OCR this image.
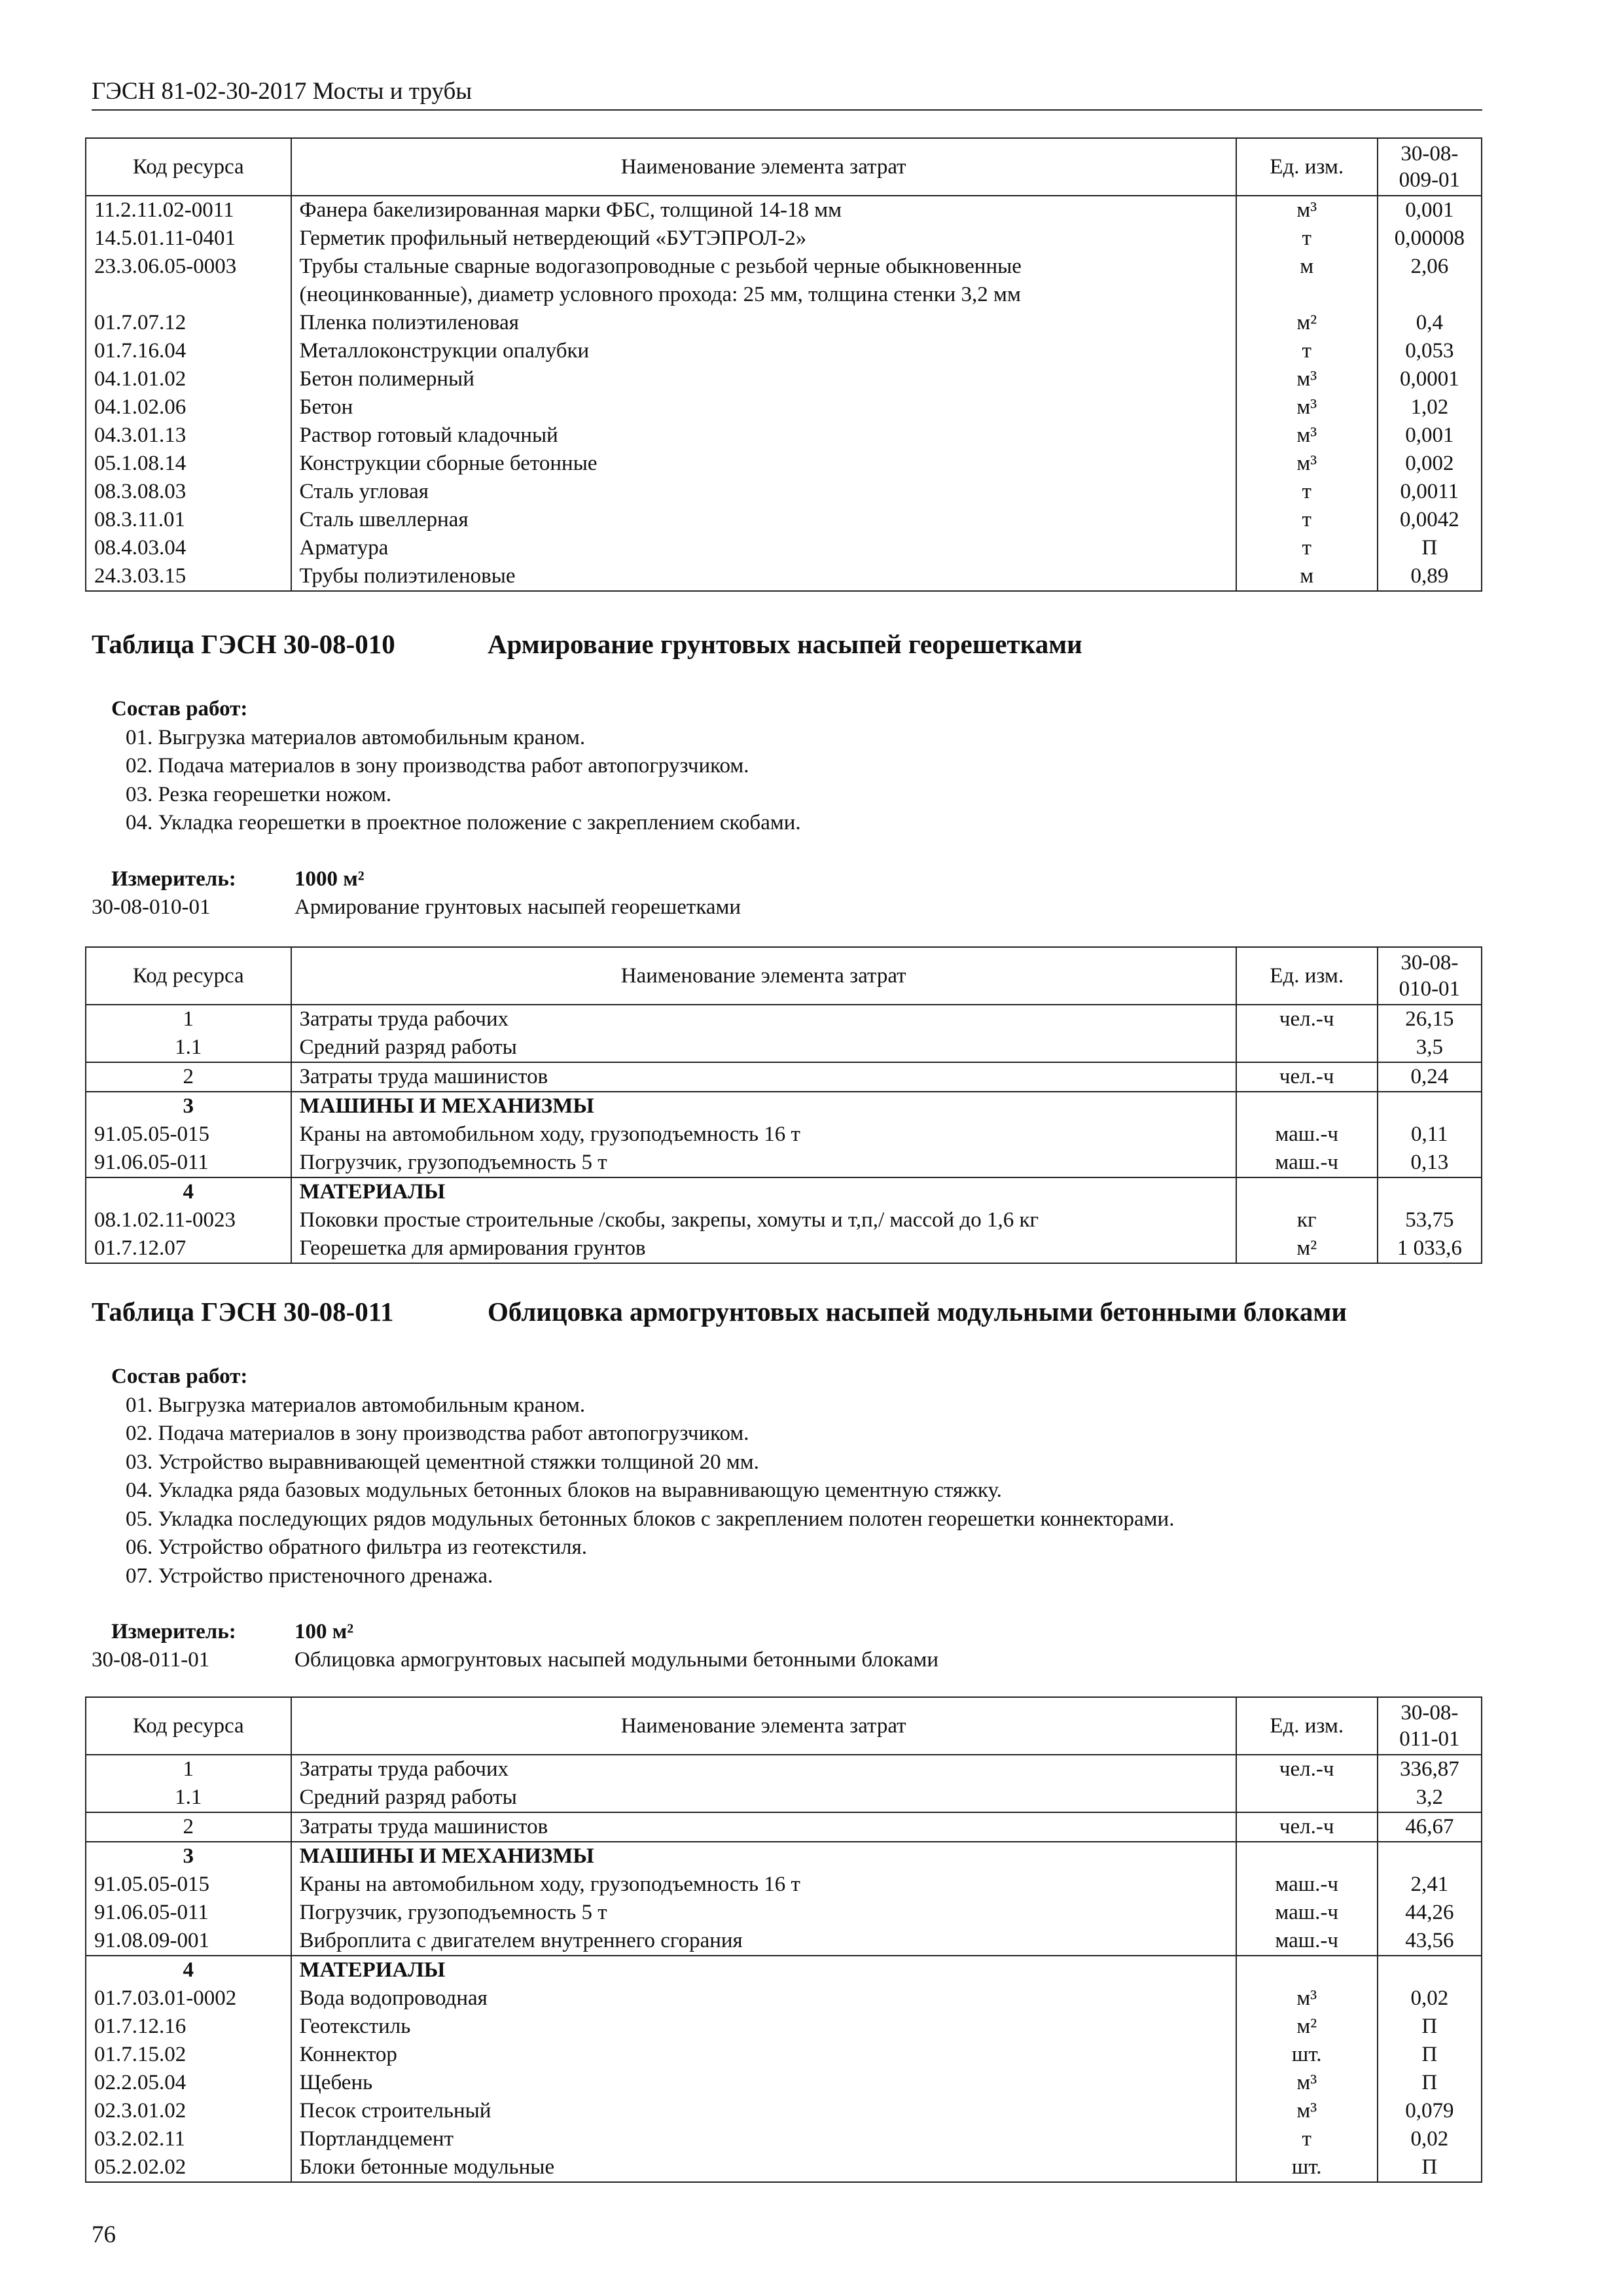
ГЭСН 81-02-30-2017 Мосты и трубы
Код ресурса	Наименование элемента затрат	Ед. изм.	30-08-
009-01
11.2.11.02-0011	Фанера бакелизированная марки ФБС, толщиной 14-18 мм	м³	0,001
14.5.01.11-0401	Герметик профильный нетвердеющий «БУТЭПРОЛ-2»	т	0,00008
23.3.06.05-0003	Трубы стальные сварные водогазопроводные с резьбой черные обыкновенные	м	2,06
	(неоцинкованные), диаметр условного прохода: 25 мм, толщина стенки 3,2 мм		
01.7.07.12	Пленка полиэтиленовая	м²	0,4
01.7.16.04	Металлоконструкции опалубки	т	0,053
04.1.01.02	Бетон полимерный	м³	0,0001
04.1.02.06	Бетон	м³	1,02
04.3.01.13	Раствор готовый кладочный	м³	0,001
05.1.08.14	Конструкции сборные бетонные	м³	0,002
08.3.08.03	Сталь угловая	т	0,0011
08.3.11.01	Сталь швеллерная	т	0,0042
08.4.03.04	Арматура	т	П
24.3.03.15	Трубы полиэтиленовые	м	0,89
Таблица ГЭСН 30-08-010	Армирование грунтовых насыпей георешетками
Состав работ:
01. Выгрузка материалов автомобильным краном.
02. Подача материалов в зону производства работ автопогрузчиком.
03. Резка георешетки ножом.
04. Укладка георешетки в проектное положение с закреплением скобами.
Измеритель:	1000 м²
30-08-010-01	Армирование грунтовых насыпей георешетками
Код ресурса	Наименование элемента затрат	Ед. изм.	30-08-
010-01
1	Затраты труда рабочих	чел.-ч	26,15
1.1	Средний разряд работы		3,5
2	Затраты труда машинистов	чел.-ч	0,24
3	МАШИНЫ И МЕХАНИЗМЫ		
91.05.05-015	Краны на автомобильном ходу, грузоподъемность 16 т	маш.-ч	0,11
91.06.05-011	Погрузчик, грузоподъемность 5 т	маш.-ч	0,13
4	МАТЕРИАЛЫ		
08.1.02.11-0023	Поковки простые строительные /скобы, закрепы, хомуты и т,п,/ массой до 1,6 кг	кг	53,75
01.7.12.07	Георешетка для армирования грунтов	м²	1 033,6
Таблица ГЭСН 30-08-011	Облицовка армогрунтовых насыпей модульными бетонными блоками
Состав работ:
01. Выгрузка материалов автомобильным краном.
02. Подача материалов в зону производства работ автопогрузчиком.
03. Устройство выравнивающей цементной стяжки толщиной 20 мм.
04. Укладка ряда базовых модульных бетонных блоков на выравнивающую цементную стяжку.
05. Укладка последующих рядов модульных бетонных блоков с закреплением полотен георешетки коннекторами.
06. Устройство обратного фильтра из геотекстиля.
07. Устройство пристеночного дренажа.
Измеритель:	100 м²
30-08-011-01	Облицовка армогрунтовых насыпей модульными бетонными блоками
Код ресурса	Наименование элемента затрат	Ед. изм.	30-08-
011-01
1	Затраты труда рабочих	чел.-ч	336,87
1.1	Средний разряд работы		3,2
2	Затраты труда машинистов	чел.-ч	46,67
3	МАШИНЫ И МЕХАНИЗМЫ		
91.05.05-015	Краны на автомобильном ходу, грузоподъемность 16 т	маш.-ч	2,41
91.06.05-011	Погрузчик, грузоподъемность 5 т	маш.-ч	44,26
91.08.09-001	Виброплита с двигателем внутреннего сгорания	маш.-ч	43,56
4	МАТЕРИАЛЫ		
01.7.03.01-0002	Вода водопроводная	м³	0,02
01.7.12.16	Геотекстиль	м²	П
01.7.15.02	Коннектор	шт.	П
02.2.05.04	Щебень	м³	П
02.3.01.02	Песок строительный	м³	0,079
03.2.02.11	Портландцемент	т	0,02
05.2.02.02	Блоки бетонные модульные	шт.	П
76
